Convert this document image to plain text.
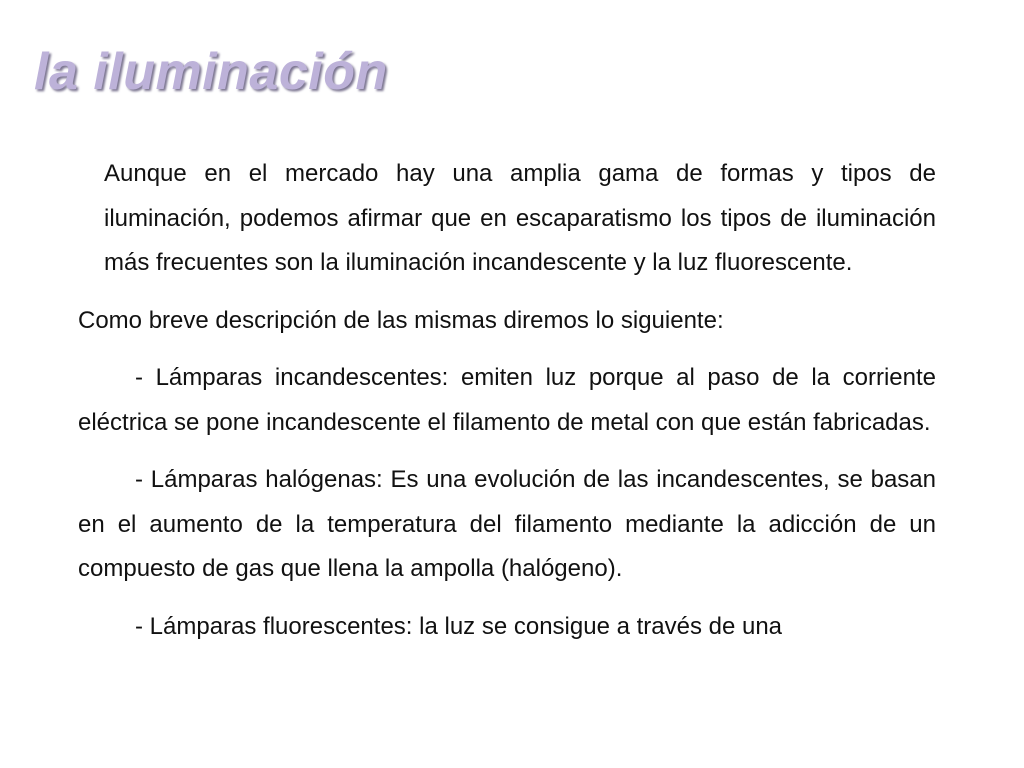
la iluminación

Aunque en el mercado hay una amplia gama de formas y tipos de iluminación, podemos afirmar que en escaparatismo los tipos de iluminación más frecuentes son la iluminación incandescente y la luz fluorescente.

Como breve descripción de las mismas diremos lo siguiente:

- Lámparas incandescentes: emiten luz porque al paso de la corriente eléctrica se pone incandescente el filamento de metal con que están fabricadas.

- Lámparas halógenas: Es una evolución de las incandescentes, se basan en el aumento de la temperatura del filamento mediante la adicción de un compuesto de gas que llena la ampolla (halógeno).

- Lámparas fluorescentes: la luz se consigue a través de una
